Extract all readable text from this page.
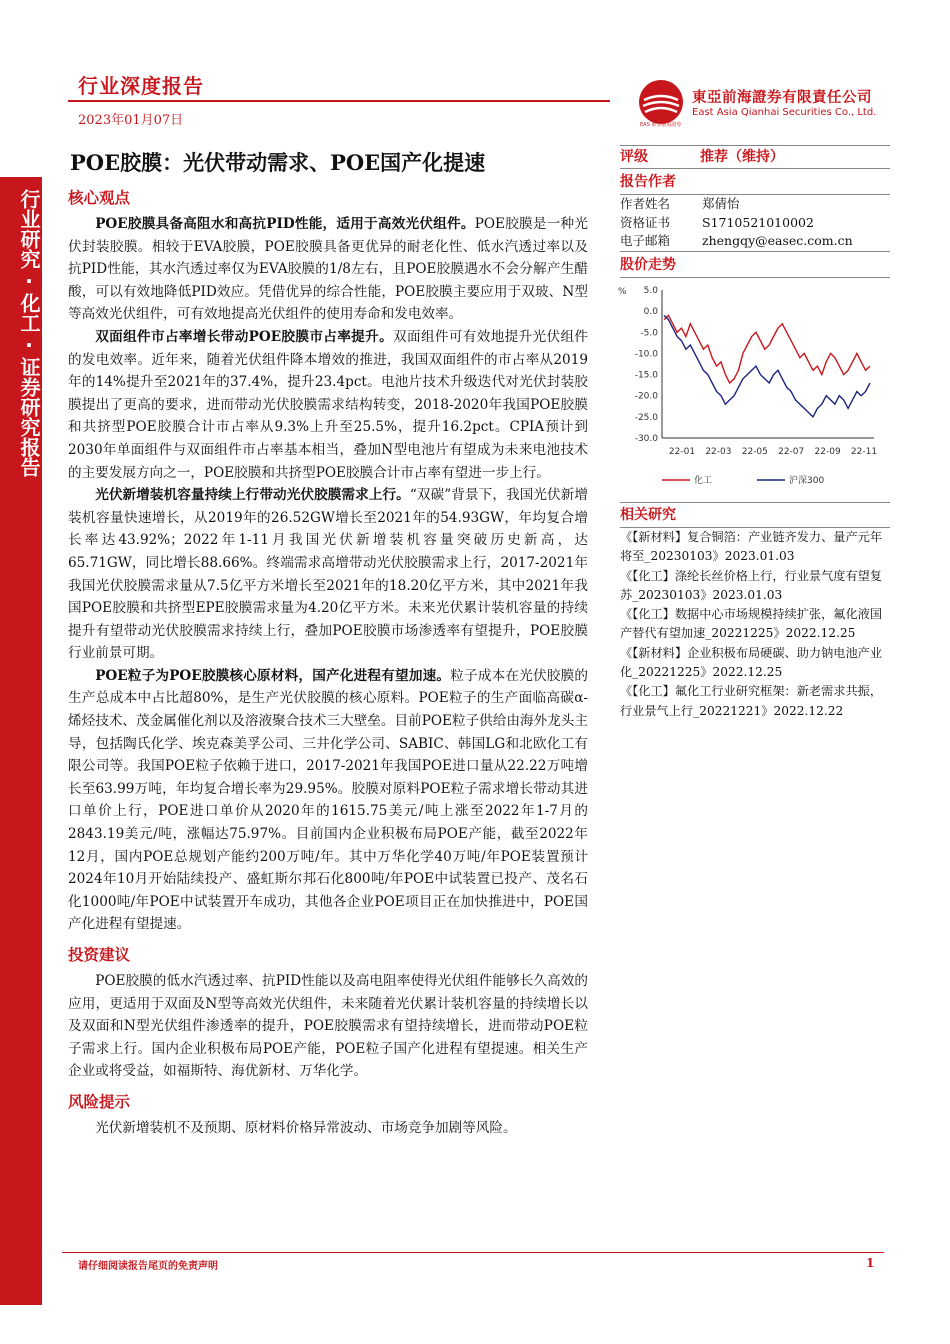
行业深度报告
2023年01月07日
東亞前海證券有限責任公司
East Asia Qianhai Securities Co., Ltd.
EAS 東亞前海證券
行业研究·化工·证券研究报告
POE胶膜：光伏带动需求、POE国产化提速
核心观点

POE胶膜具备高阻水和高抗PID性能，适用于高效光伏组件。POE胶膜是一种光伏封装胶膜。相较于EVA胶膜，POE胶膜具备更优异的耐老化性、低水汽透过率以及抗PID性能，其水汽透过率仅为EVA胶膜的1/8左右，且POE胶膜遇水不会分解产生醋酸，可以有效地降低PID效应。凭借优异的综合性能，POE胶膜主要应用于双玻、N型等高效光伏组件，可有效地提高光伏组件的使用寿命和发电效率。

双面组件市占率增长带动POE胶膜市占率提升。双面组件可有效地提升光伏组件的发电效率。近年来，随着光伏组件降本增效的推进，我国双面组件的市占率从2019年的14%提升至2021年的37.4%，提升23.4pct。电池片技术升级迭代对光伏封装胶膜提出了更高的要求，进而带动光伏胶膜需求结构转变，2018-2020年我国POE胶膜和共挤型POE胶膜合计市占率从9.3%上升至25.5%，提升16.2pct。CPIA预计到2030年单面组件与双面组件市占率基本相当，叠加N型电池片有望成为未来电池技术的主要发展方向之一，POE胶膜和共挤型POE胶膜合计市占率有望进一步上行。

光伏新增装机容量持续上行带动光伏胶膜需求上行。“双碳”背景下，我国光伏新增装机容量快速增长，从2019年的26.52GW增长至2021年的54.93GW，年均复合增长率达43.92%；2022年1-11月我国光伏新增装机容量突破历史新高，达65.71GW，同比增长88.66%。终端需求高增带动光伏胶膜需求上行，2017-2021年我国光伏胶膜需求量从7.5亿平方米增长至2021年的18.20亿平方米，其中2021年我国POE胶膜和共挤型EPE胶膜需求量为4.20亿平方米。未来光伏累计装机容量的持续提升有望带动光伏胶膜需求持续上行，叠加POE胶膜市场渗透率有望提升，POE胶膜行业前景可期。

POE粒子为POE胶膜核心原材料，国产化进程有望加速。粒子成本在光伏胶膜的生产总成本中占比超80%，是生产光伏胶膜的核心原料。POE粒子的生产面临高碳α-烯烃技术、茂金属催化剂以及溶液聚合技术三大壁垒。目前POE粒子供给由海外龙头主导，包括陶氏化学、埃克森美孚公司、三井化学公司、SABIC、韩国LG和北欧化工有限公司等。我国POE粒子依赖于进口，2017-2021年我国POE进口量从22.22万吨增长至63.99万吨，年均复合增长率为29.95%。胶膜对原料POE粒子需求增长带动其进口单价上行，POE进口单价从2020年的1615.75美元/吨上涨至2022年1-7月的2843.19美元/吨，涨幅达75.97%。目前国内企业积极布局POE产能，截至2022年12月，国内POE总规划产能约200万吨/年。其中万华化学40万吨/年POE装置预计2024年10月开始陆续投产、盛虹斯尔邦石化800吨/年POE中试装置已投产、茂名石化1000吨/年POE中试装置开车成功，其他各企业POE项目正在加快推进中，POE国产化进程有望提速。

投资建议

POE胶膜的低水汽透过率、抗PID性能以及高电阻率使得光伏组件能够长久高效的应用，更适用于双面及N型等高效光伏组件，未来随着光伏累计装机容量的持续增长以及双面和N型光伏组件渗透率的提升，POE胶膜需求有望持续增长，进而带动POE粒子需求上行。国内企业积极布局POE产能，POE粒子国产化进程有望提速。相关生产企业或将受益，如福斯特、海优新材、万华化学。

风险提示

光伏新增装机不及预期、原材料价格异常波动、市场竞争加剧等风险。

评级	推荐（维持）
报告作者
作者姓名	郑倩怡
资格证书	S1710521010002
电子邮箱	zhengqy@easec.com.cn
股价走势
% 5.0
0.0
-5.0
-10.0
-15.0
-20.0
-25.0
-30.0
22-01 22-03 22-05 22-07 22-09 22-11
化工	沪深300
相关研究
《【新材料】复合铜箔：产业链齐发力、量产元年将至_20230103》2023.01.03
《【化工】涤纶长丝价格上行，行业景气度有望复苏_20230103》2023.01.03
《【化工】数据中心市场规模持续扩张，氟化液国产替代有望加速_20221225》2022.12.25
《【新材料】企业积极布局硬碳、助力钠电池产业化_20221225》2022.12.25
《【化工】氟化工行业研究框架：新老需求共振，行业景气上行_20221221》2022.12.22
请仔细阅读报告尾页的免责声明	1
